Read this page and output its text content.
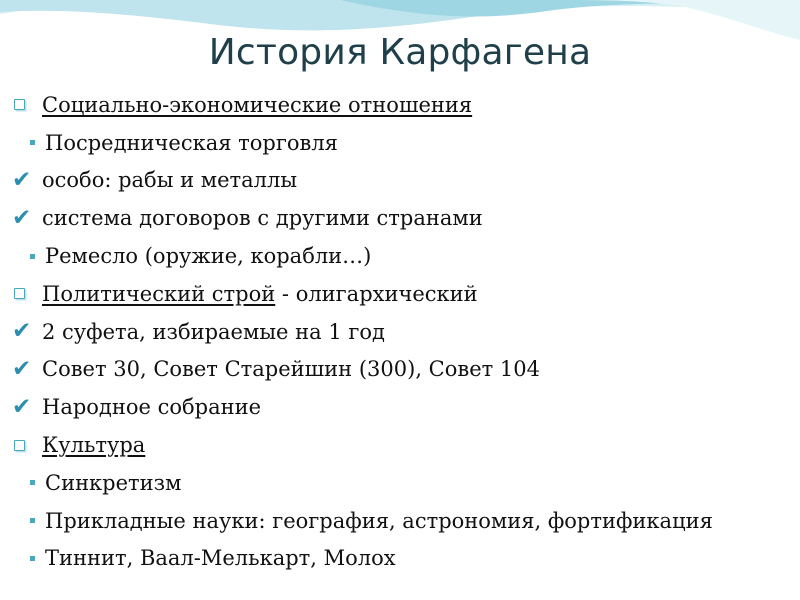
История Карфагена
Социально-экономические отношения
Посредническая торговля
✔ особо: рабы и металлы
✔ система договоров с другими странами
Ремесло (оружие, корабли…)
Политический строй - олигархический
✔ 2 суфета, избираемые на 1 год
✔ Совет 30, Совет Старейшин (300), Совет 104
✔ Народное собрание
Культура
Синкретизм
Прикладные науки: география, астрономия, фортификация
Тиннит, Ваал-Мелькарт, Молох
